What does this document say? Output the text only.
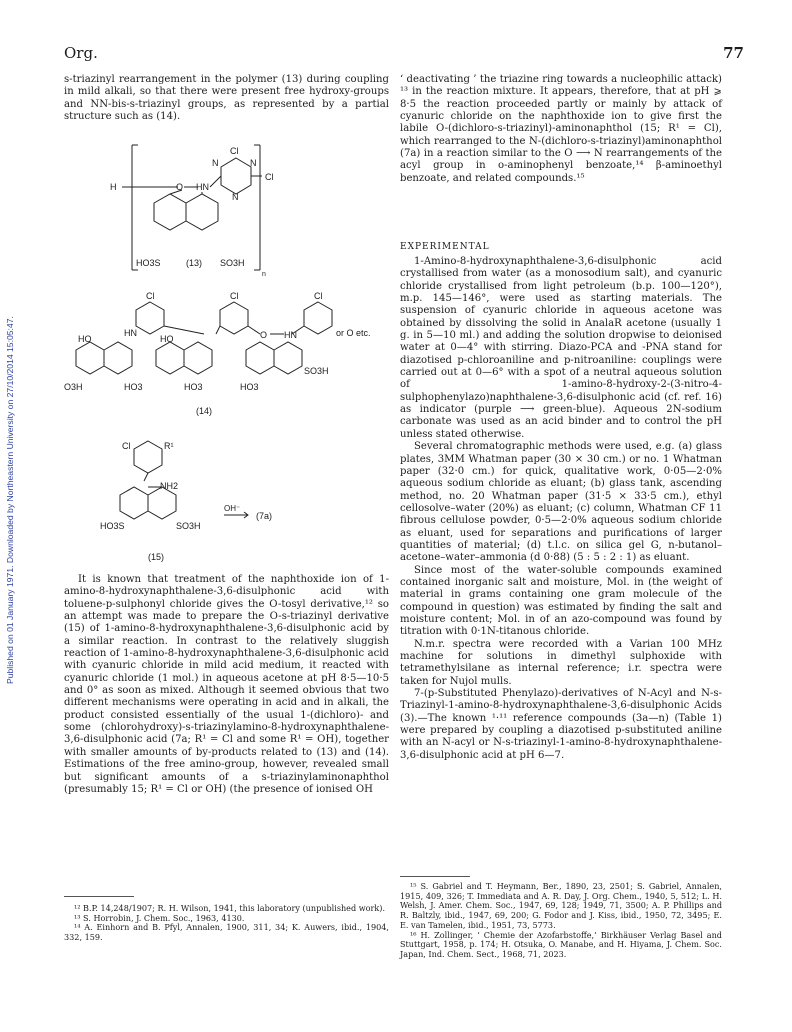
Org.	77
Published on 01 January 1971. Downloaded by Northeastern University on 27/10/2014 15:05:47.

s-triazinyl rearrangement in the polymer (13) during coupling in mild alkali, so that there were present free hydroxy-groups and NN-bis-s-triazinyl groups, as represented by a partial structure such as (14).

Cl
N	N
N
H	O HN
Cl
HO3S	SO3H
n
(13)
Cl	Cl	Cl
HN	O HN	or O etc.
HO	HO
O3H	HO3	HO3	HO3
SO3H
(14)
Cl	R¹
NH2
HO3S	SO3H
OH⁻
(7a)
(15)

It is known that treatment of the naphthoxide ion of 1-amino-8-hydroxynaphthalene-3,6-disulphonic acid with toluene-p-sulphonyl chloride gives the O-tosyl derivative,¹² so an attempt was made to prepare the O-s-triazinyl derivative (15) of 1-amino-8-hydroxynaphthalene-3,6-disulphonic acid by a similar reaction. In contrast to the relatively sluggish reaction of 1-amino-8-hydroxynaphthalene-3,6-disulphonic acid with cyanuric chloride in mild acid medium, it reacted with cyanuric chloride (1 mol.) in aqueous acetone at pH 8·5—10·5 and 0° as soon as mixed. Although it seemed obvious that two different mechanisms were operating in acid and in alkali, the product consisted essentially of the usual 1-(dichloro)- and some (chlorohydroxy)-s-triazinylamino-8-hydroxynaphthalene-3,6-disulphonic acid (7a; R¹ = Cl and some R¹ = OH), together with smaller amounts of by-products related to (13) and (14). Estimations of the free amino-group, however, revealed small but significant amounts of a s-triazinylaminonaphthol (presumably 15; R¹ = Cl or OH) (the presence of ionised OH

¹² B.P. 14,248/1907; R. H. Wilson, 1941, this laboratory (unpublished work).

¹³ S. Horrobin, J. Chem. Soc., 1963, 4130.

¹⁴ A. Einhorn and B. Pfyl, Annalen, 1900, 311, 34; K. Auwers, ibid., 1904, 332, 159.

‘ deactivating ’ the triazine ring towards a nucleophilic attack) ¹³ in the reaction mixture. It appears, therefore, that at pH ⩾ 8·5 the reaction proceeded partly or mainly by attack of cyanuric chloride on the naphthoxide ion to give first the labile O-(dichloro-s-triazinyl)-aminonaphthol (15; R¹ = Cl), which rearranged to the N-(dichloro-s-triazinyl)aminonaphthol (7a) in a reaction similar to the O ⟶ N rearrangements of the acyl group in o-aminophenyl benzoate,¹⁴ β-aminoethyl benzoate, and related compounds.¹⁵

EXPERIMENTAL

1-Amino-8-hydroxynaphthalene-3,6-disulphonic acid crystallised from water (as a monosodium salt), and cyanuric chloride crystallised from light petroleum (b.p. 100—120°), m.p. 145—146°, were used as starting materials. The suspension of cyanuric chloride in aqueous acetone was obtained by dissolving the solid in AnalaR acetone (usually 1 g. in 5—10 ml.) and adding the solution dropwise to deionised water at 0—4° with stirring. Diazo-PCA and -PNA stand for diazotised p-chloroaniline and p-nitroaniline: couplings were carried out at 0—6° with a spot of a neutral aqueous solution of 1-amino-8-hydroxy-2-(3-nitro-4-sulphophenylazo)naphthalene-3,6-disulphonic acid (cf. ref. 16) as indicator (purple ⟶ green-blue). Aqueous 2N-sodium carbonate was used as an acid binder and to control the pH unless stated otherwise.

Several chromatographic methods were used, e.g. (a) glass plates, 3MM Whatman paper (30 × 30 cm.) or no. 1 Whatman paper (32·0 cm.) for quick, qualitative work, 0·05—2·0% aqueous sodium chloride as eluant; (b) glass tank, ascending method, no. 20 Whatman paper (31·5 × 33·5 cm.), ethyl cellosolve–water (20%) as eluant; (c) column, Whatman CF 11 fibrous cellulose powder, 0·5—2·0% aqueous sodium chloride as eluant, used for separations and purifications of larger quantities of material; (d) t.l.c. on silica gel G, n-butanol–acetone–water–ammonia (d 0·88) (5 : 5 : 2 : 1) as eluant.

Since most of the water-soluble compounds examined contained inorganic salt and moisture, Mol. in (the weight of material in grams containing one gram molecule of the compound in question) was estimated by finding the salt and moisture content; Mol. in of an azo-compound was found by titration with 0·1N-titanous chloride.

N.m.r. spectra were recorded with a Varian 100 MHz machine for solutions in dimethyl sulphoxide with tetramethylsilane as internal reference; i.r. spectra were taken for Nujol mulls.

7-(p-Substituted Phenylazo)-derivatives of N-Acyl and N-s-Triazinyl-1-amino-8-hydroxynaphthalene-3,6-disulphonic Acids (3).—The known ¹·¹¹ reference compounds (3a—n) (Table 1) were prepared by coupling a diazotised p-substituted aniline with an N-acyl or N-s-triazinyl-1-amino-8-hydroxynaphthalene-3,6-disulphonic acid at pH 6—7.

¹⁵ S. Gabriel and T. Heymann, Ber., 1890, 23, 2501; S. Gabriel, Annalen, 1915, 409, 326; T. Immediata and A. R. Day, J. Org. Chem., 1940, 5, 512; L. H. Welsh, J. Amer. Chem. Soc., 1947, 69, 128; 1949, 71, 3500; A. P. Phillips and R. Baltzly, ibid., 1947, 69, 200; G. Fodor and J. Kiss, ibid., 1950, 72, 3495; E. E. van Tamelen, ibid., 1951, 73, 5773.

¹⁶ H. Zollinger, ‘ Chemie der Azofarbstoffe,’ Birkhäuser Verlag Basel and Stuttgart, 1958, p. 174; H. Otsuka, O. Manabe, and H. Hiyama, J. Chem. Soc. Japan, Ind. Chem. Sect., 1968, 71, 2023.
